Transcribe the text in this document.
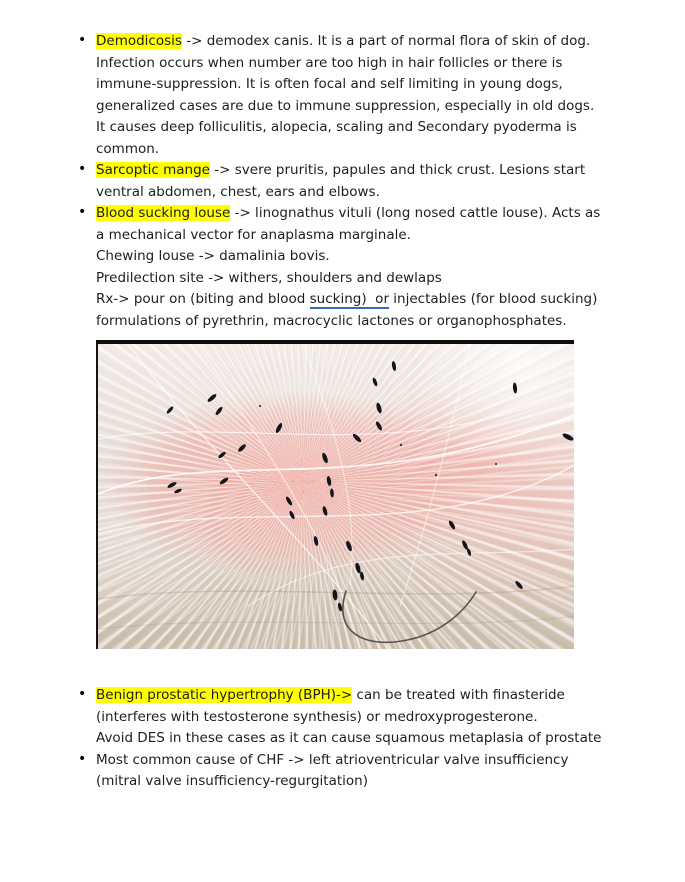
• Demodicosis -> demodex canis. It is a part of normal flora of skin of dog. Infection occurs when number are too high in hair follicles or there is immune-suppression. It is often focal and self limiting in young dogs, generalized cases are due to immune suppression, especially in old dogs. It causes deep folliculitis, alopecia, scaling and Secondary pyoderma is common.
• Sarcoptic mange -> svere pruritis, papules and thick crust. Lesions start ventral abdomen, chest, ears and elbows.
• Blood sucking louse -> linognathus vituli (long nosed cattle louse). Acts as a mechanical vector for anaplasma marginale.
Chewing louse -> damalinia bovis.
Predilection site -> withers, shoulders and dewlaps
Rx-> pour on (biting and blood sucking)  or injectables (for blood sucking) formulations of pyrethrin, macrocyclic lactones or organophosphates.
• Benign prostatic hypertrophy (BPH)-> can be treated with finasteride (interferes with testosterone synthesis) or medroxyprogesterone.
Avoid DES in these cases as it can cause squamous metaplasia of prostate
• Most common cause of CHF -> left atrioventricular valve insufficiency (mitral valve insufficiency-regurgitation)
